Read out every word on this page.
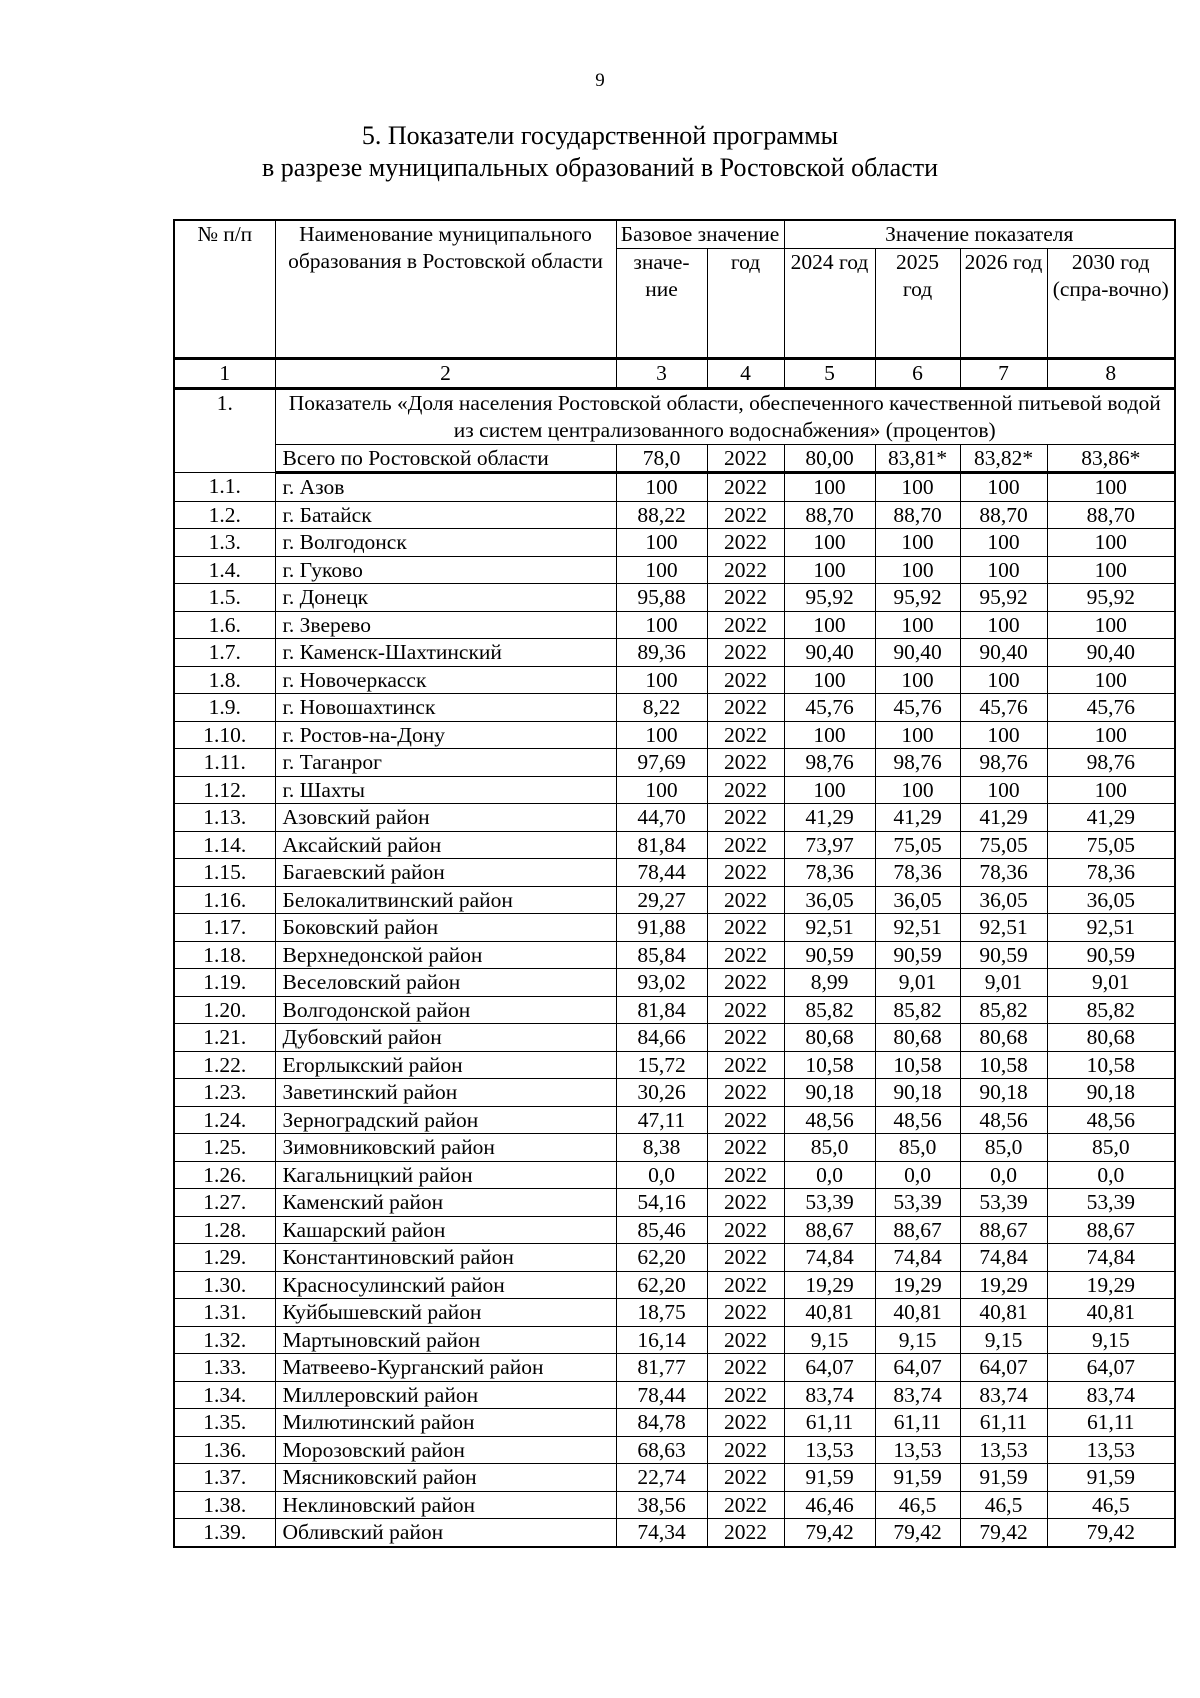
9
5. Показатели государственной программы
в разрезе муниципальных образований в Ростовской области
№ п/п	Наименование муниципального образования в Ростовской области	Базовое значение		Значение показателя			
		значе-ние	год	2024 год	2025 год	2026 год	2030 год (спра-вочно)
1	2	3	4	5	6	7	8
1.	Показатель «Доля населения Ростовской области, обеспеченного качественной питьевой водой из систем централизованного водоснабжения» (процентов)						
	Всего по Ростовской области	78,0	2022	80,00	83,81*	83,82*	83,86*
1.1.	г. Азов	100	2022	100	100	100	100
1.2.	г. Батайск	88,22	2022	88,70	88,70	88,70	88,70
1.3.	г. Волгодонск	100	2022	100	100	100	100
1.4.	г. Гуково	100	2022	100	100	100	100
1.5.	г. Донецк	95,88	2022	95,92	95,92	95,92	95,92
1.6.	г. Зверево	100	2022	100	100	100	100
1.7.	г. Каменск-Шахтинский	89,36	2022	90,40	90,40	90,40	90,40
1.8.	г. Новочеркасск	100	2022	100	100	100	100
1.9.	г. Новошахтинск	8,22	2022	45,76	45,76	45,76	45,76
1.10.	г. Ростов-на-Дону	100	2022	100	100	100	100
1.11.	г. Таганрог	97,69	2022	98,76	98,76	98,76	98,76
1.12.	г. Шахты	100	2022	100	100	100	100
1.13.	Азовский район	44,70	2022	41,29	41,29	41,29	41,29
1.14.	Аксайский район	81,84	2022	73,97	75,05	75,05	75,05
1.15.	Багаевский район	78,44	2022	78,36	78,36	78,36	78,36
1.16.	Белокалитвинский район	29,27	2022	36,05	36,05	36,05	36,05
1.17.	Боковский район	91,88	2022	92,51	92,51	92,51	92,51
1.18.	Верхнедонской район	85,84	2022	90,59	90,59	90,59	90,59
1.19.	Веселовский район	93,02	2022	8,99	9,01	9,01	9,01
1.20.	Волгодонской район	81,84	2022	85,82	85,82	85,82	85,82
1.21.	Дубовский район	84,66	2022	80,68	80,68	80,68	80,68
1.22.	Егорлыкский район	15,72	2022	10,58	10,58	10,58	10,58
1.23.	Заветинский район	30,26	2022	90,18	90,18	90,18	90,18
1.24.	Зерноградский район	47,11	2022	48,56	48,56	48,56	48,56
1.25.	Зимовниковский район	8,38	2022	85,0	85,0	85,0	85,0
1.26.	Кагальницкий район	0,0	2022	0,0	0,0	0,0	0,0
1.27.	Каменский район	54,16	2022	53,39	53,39	53,39	53,39
1.28.	Кашарский район	85,46	2022	88,67	88,67	88,67	88,67
1.29.	Константиновский район	62,20	2022	74,84	74,84	74,84	74,84
1.30.	Красносулинский район	62,20	2022	19,29	19,29	19,29	19,29
1.31.	Куйбышевский район	18,75	2022	40,81	40,81	40,81	40,81
1.32.	Мартыновский район	16,14	2022	9,15	9,15	9,15	9,15
1.33.	Матвеево-Курганский район	81,77	2022	64,07	64,07	64,07	64,07
1.34.	Миллеровский район	78,44	2022	83,74	83,74	83,74	83,74
1.35.	Милютинский район	84,78	2022	61,11	61,11	61,11	61,11
1.36.	Морозовский район	68,63	2022	13,53	13,53	13,53	13,53
1.37.	Мясниковский район	22,74	2022	91,59	91,59	91,59	91,59
1.38.	Неклиновский район	38,56	2022	46,46	46,5	46,5	46,5
1.39.	Обливский район	74,34	2022	79,42	79,42	79,42	79,42
